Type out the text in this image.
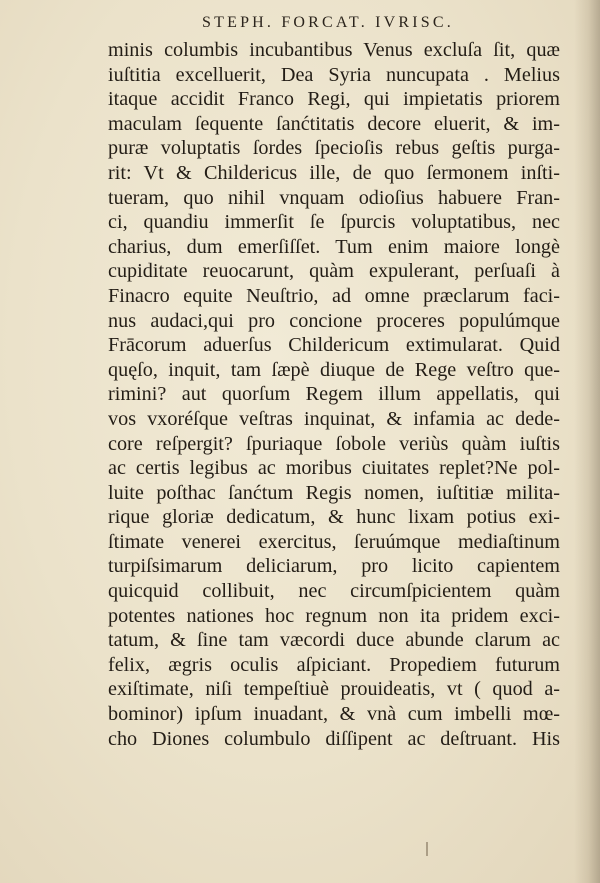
STEPH. FORCAT. IVRISC.
minis columbis incubantibus Venus excluſa ſit, quæ
iuſtitia excelluerit, Dea Syria nuncupata . Melius
itaque accidit Franco Regi, qui impietatis priorem
maculam ſequente ſanćtitatis decore eluerit, & im-
puræ voluptatis ſordes ſpecioſis rebus geſtis purga-
rit: Vt & Childericus ille, de quo ſermonem inſti-
tueram, quo nihil vnquam odioſius habuere Fran-
ci, quandiu immerſit ſe ſpurcis voluptatibus, nec
charius, dum emerſiſſet. Tum enim maiore longè
cupiditate reuocarunt, quàm expulerant, perſuaſi à
Finacro equite Neuſtrio, ad omne præclarum faci-
nus audaci,qui pro concione proceres populúmque
Frācorum aduerſus Childericum extimularat. Quid
quęſo, inquit, tam ſæpè diuque de Rege veſtro que-
rimini? aut quorſum Regem illum appellatis, qui
vos vxoréſque veſtras inquinat, & infamia ac dede-
core reſpergit? ſpuriaque ſobole veriùs quàm iuſtis
ac certis legibus ac moribus ciuitates replet?Ne pol-
luite poſthac ſanćtum Regis nomen, iuſtitiæ milita-
rique gloriæ dedicatum, & hunc lixam potius exi-
ſtimate venerei exercitus, ſeruúmque mediaſtinum
turpiſsimarum deliciarum, pro licito capientem
quicquid collibuit, nec circumſpicientem quàm
potentes nationes hoc regnum non ita pridem exci-
tatum, & ſine tam væcordi duce abunde clarum ac
felix, ægris oculis aſpiciant. Propediem futurum
exiſtimate, niſi tempeſtiuè prouideatis, vt ( quod a-
bominor) ipſum inuadant, & vnà cum imbelli mœ-
cho Diones columbulo diſſipent ac deſtruant. His
